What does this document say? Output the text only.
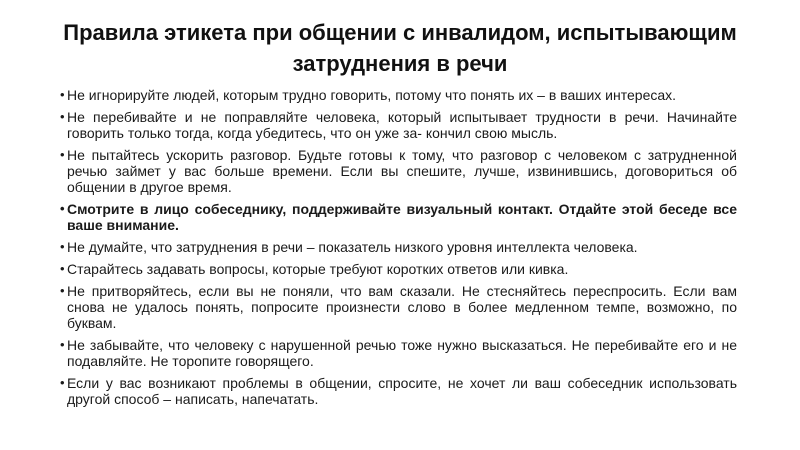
Правила этикета при общении с инвалидом, испытывающим затруднения в речи
• Не игнорируйте людей, которым трудно говорить, потому что понять их – в ваших интересах.
• Не перебивайте и не поправляйте человека, который испытывает трудности в речи. Начинайте говорить только тогда, когда убедитесь, что он уже за- кончил свою мысль.
• Не пытайтесь ускорить разговор. Будьте готовы к тому, что разговор с человеком с затрудненной речью займет у вас больше времени. Если вы спешите, лучше, извинившись, договориться об общении в другое время.
• Смотрите в лицо собеседнику, поддерживайте визуальный контакт. Отдайте этой беседе все ваше внимание.
• Не думайте, что затруднения в речи – показатель низкого уровня интеллекта человека.
• Старайтесь задавать вопросы, которые требуют коротких ответов или кивка.
• Не притворяйтесь, если вы не поняли, что вам сказали. Не стесняйтесь переспросить. Если вам снова не удалось понять, попросите произнести слово в более медленном темпе, возможно, по буквам.
• Не забывайте, что человеку с нарушенной речью тоже нужно высказаться. Не перебивайте его и не подавляйте. Не торопите говорящего.
• Если у вас возникают проблемы в общении, спросите, не хочет ли ваш собеседник использовать другой способ – написать, напечатать.
